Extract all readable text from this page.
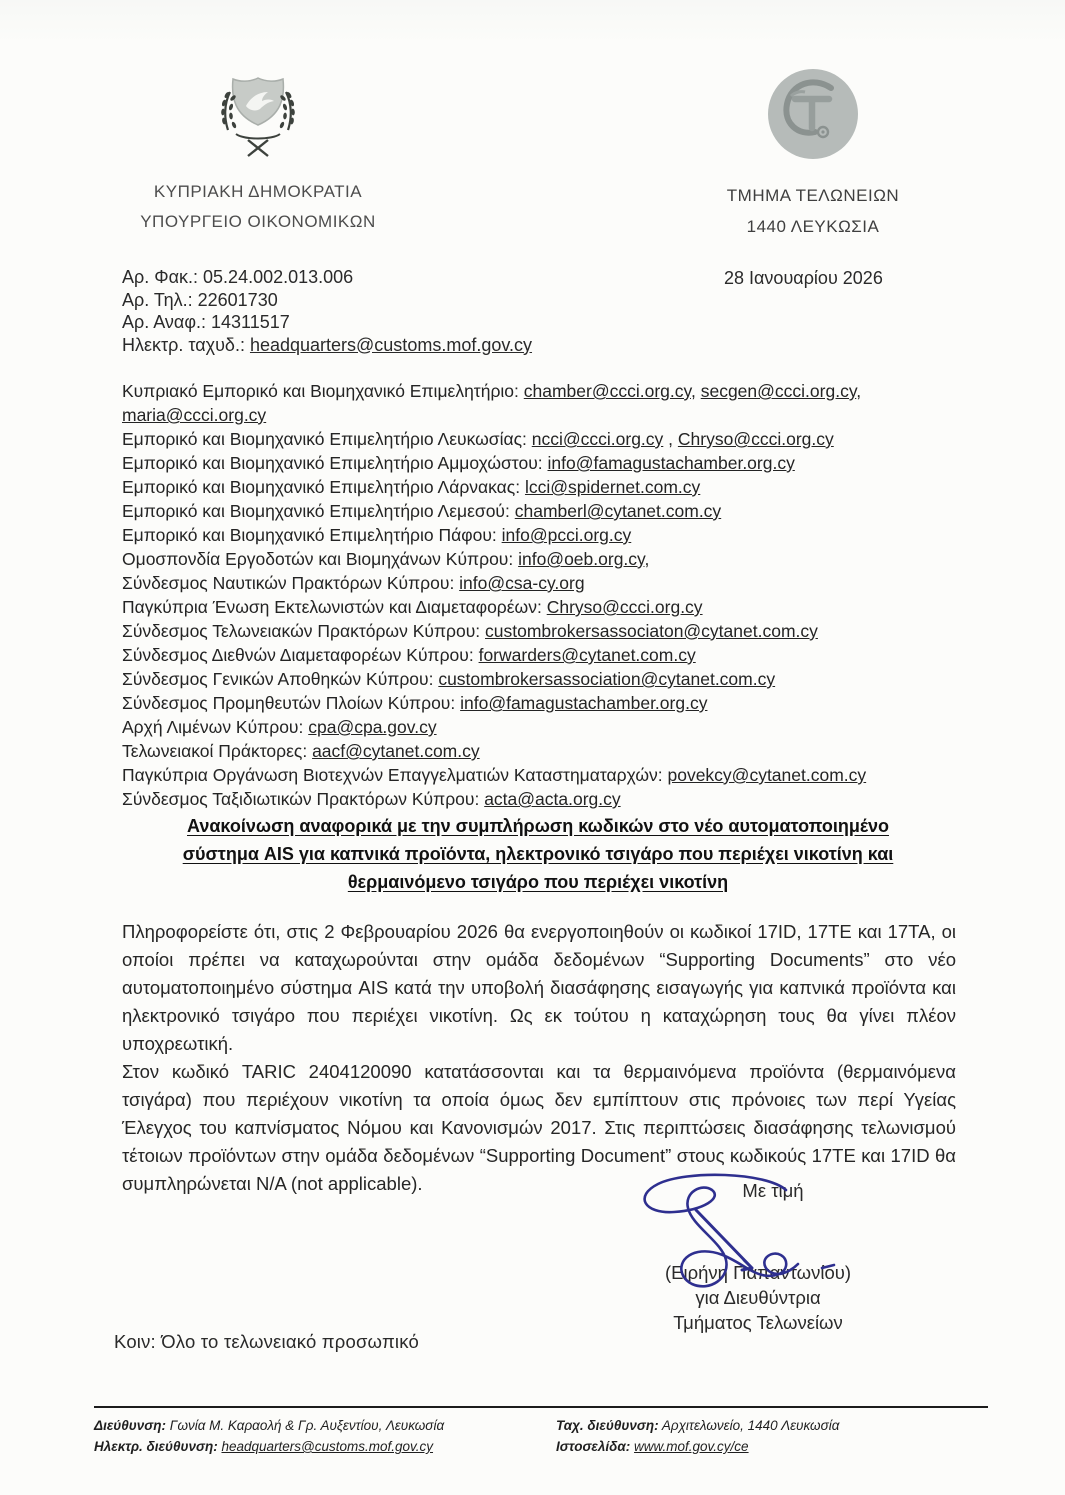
ΚΥΠΡΙΑΚΗ ΔΗΜΟΚΡΑΤΙΑ
ΥΠΟΥΡΓΕΙΟ ΟΙΚΟΝΟΜΙΚΩΝ
ΤΜΗΜΑ ΤΕΛΩΝΕΙΩΝ
1440 ΛΕΥΚΩΣΙΑ
Αρ. Φακ.: 05.24.002.013.006
Αρ. Τηλ.: 22601730
Αρ. Αναφ.: 14311517
Ηλεκτρ. ταχυδ.: headquarters@customs.mof.gov.cy
28 Ιανουαρίου 2026
Κυπριακό Εμπορικό και Βιομηχανικό Επιμελητήριο: chamber@ccci.org.cy, secgen@ccci.org.cy, maria@ccci.org.cy
Εμπορικό και Βιομηχανικό Επιμελητήριο Λευκωσίας: ncci@ccci.org.cy , Chryso@ccci.org.cy
Εμπορικό και Βιομηχανικό Επιμελητήριο Αμμοχώστου: info@famagustachamber.org.cy
Εμπορικό και Βιομηχανικό Επιμελητήριο Λάρνακας: lcci@spidernet.com.cy
Εμπορικό και Βιομηχανικό Επιμελητήριο Λεμεσού: chamberl@cytanet.com.cy
Εμπορικό και Βιομηχανικό Επιμελητήριο Πάφου: info@pcci.org.cy
Ομοσπονδία Εργοδοτών και Βιομηχάνων Κύπρου: info@oeb.org.cy,
Σύνδεσμος Ναυτικών Πρακτόρων Κύπρου: info@csa-cy.org
Παγκύπρια Ένωση Εκτελωνιστών και Διαμεταφορέων: Chryso@ccci.org.cy
Σύνδεσμος Τελωνειακών Πρακτόρων Κύπρου: custombrokersassociaton@cytanet.com.cy
Σύνδεσμος Διεθνών Διαμεταφορέων Κύπρου: forwarders@cytanet.com.cy
Σύνδεσμος Γενικών Αποθηκών Κύπρου: custombrokersassociation@cytanet.com.cy
Σύνδεσμος Προμηθευτών Πλοίων Κύπρου: info@famagustachamber.org.cy
Αρχή Λιμένων Κύπρου: cpa@cpa.gov.cy
Τελωνειακοί Πράκτορες: aacf@cytanet.com.cy
Παγκύπρια Οργάνωση Βιοτεχνών Επαγγελματιών Καταστηματαρχών: povekcy@cytanet.com.cy
Σύνδεσμος Ταξιδιωτικών Πρακτόρων Κύπρου: acta@acta.org.cy
Ανακοίνωση αναφορικά με την συμπλήρωση κωδικών στο νέο αυτοματοποιημένο
σύστημα AIS για καπνικά προϊόντα, ηλεκτρονικό τσιγάρο που περιέχει νικοτίνη και
θερμαινόμενο τσιγάρο που περιέχει νικοτίνη

Πληροφορείστε ότι, στις 2 Φεβρουαρίου 2026 θα ενεργοποιηθούν οι κωδικοί 17ID, 17TE και 17TA, οι οποίοι πρέπει να καταχωρούνται στην ομάδα δεδομένων “Supporting Documents” στο νέο αυτοματοποιημένο σύστημα AIS κατά την υποβολή διασάφησης εισαγωγής για καπνικά προϊόντα και ηλεκτρονικό τσιγάρο που περιέχει νικοτίνη. Ως εκ τούτου η καταχώρηση τους θα γίνει πλέον υποχρεωτική.

Στον κωδικό TARIC 2404120090 κατατάσσονται και τα θερμαινόμενα προϊόντα (θερμαινόμενα τσιγάρα) που περιέχουν νικοτίνη τα οποία όμως δεν εμπίπτουν στις πρόνοιες των περί Υγείας Έλεγχος του καπνίσματος Νόμου και Κανονισμών 2017. Στις περιπτώσεις διασάφησης τελωνισμού τέτοιων προϊόντων στην ομάδα δεδομένων “Supporting Document” στους κωδικούς 17TE και 17ID θα συμπληρώνεται N/A (not applicable).	Με τιμή
(Ειρήνη Παπαντωνίου)
για Διευθύντρια
Τμήματος Τελωνείων
Κοιν: Όλο το τελωνειακό προσωπικό
Διεύθυνση: Γωνία Μ. Καραολή & Γρ. Αυξεντίου, Λευκωσία
Ηλεκτρ. διεύθυνση: headquarters@customs.mof.gov.cy
Ταχ. διεύθυνση: Αρχιτελωνείο, 1440 Λευκωσία
Ιστοσελίδα: www.mof.gov.cy/ce
